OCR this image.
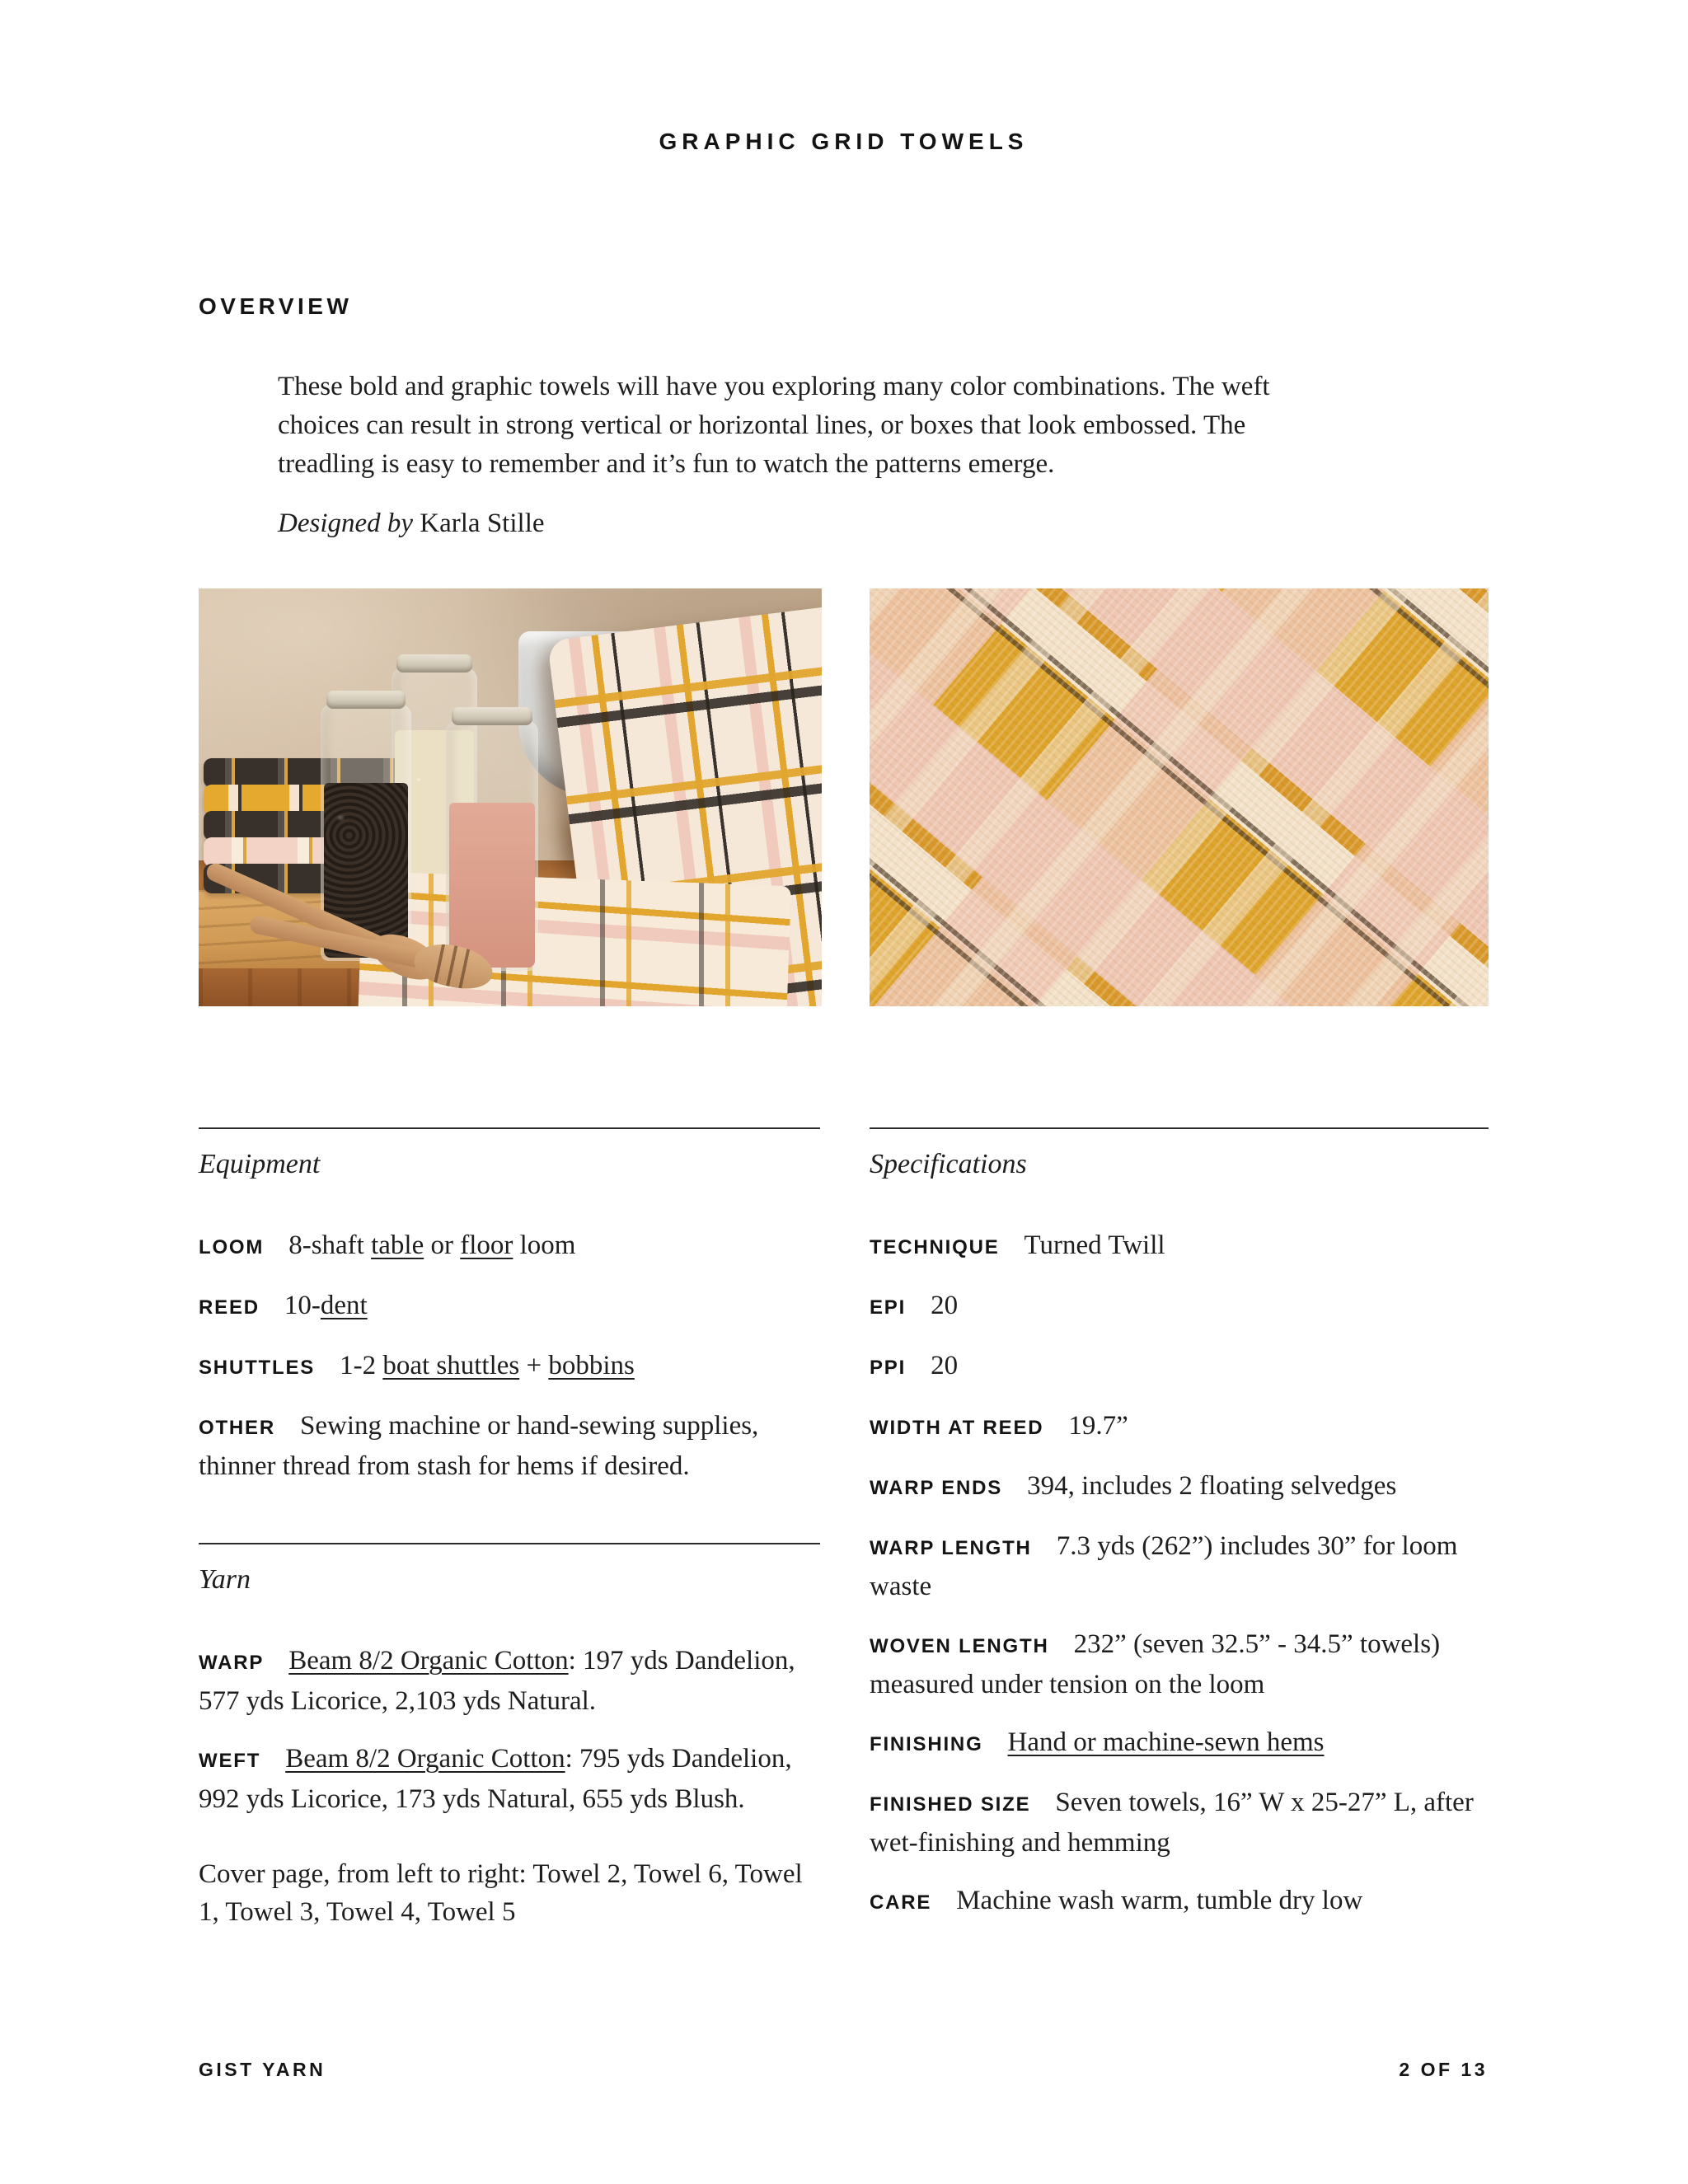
GRAPHIC GRID TOWELS
OVERVIEW
These bold and graphic towels will have you exploring many color combinations. The weft
choices can result in strong vertical or horizontal lines, or boxes that look embossed. The
treadling is easy to remember and it’s fun to watch the patterns emerge.
Designed by Karla Stille
Equipment

LOOM 8-shaft table or floor loom

REED 10-dent

SHUTTLES 1-2 boat shuttles + bobbins

OTHER Sewing machine or hand-sewing supplies, thinner thread from stash for hems if desired.

Yarn

WARP Beam 8/2 Organic Cotton: 197 yds Dandelion, 577 yds Licorice, 2,103 yds Natural.

WEFT Beam 8/2 Organic Cotton: 795 yds Dandelion, 992 yds Licorice, 173 yds Natural, 655 yds Blush.

Cover page, from left to right: Towel 2, Towel 6, Towel 1, Towel 3, Towel 4, Towel 5

Specifications

TECHNIQUE Turned Twill

EPI 20

PPI 20

WIDTH AT REED 19.7”

WARP ENDS 394, includes 2 floating selvedges

WARP LENGTH 7.3 yds (262”) includes 30” for loom waste

WOVEN LENGTH 232” (seven 32.5” - 34.5” towels) measured under tension on the loom

FINISHING Hand or machine-sewn hems

FINISHED SIZE Seven towels, 16” W x 25-27” L, after wet-finishing and hemming

CARE Machine wash warm, tumble dry low

GIST YARN	2 OF 13
